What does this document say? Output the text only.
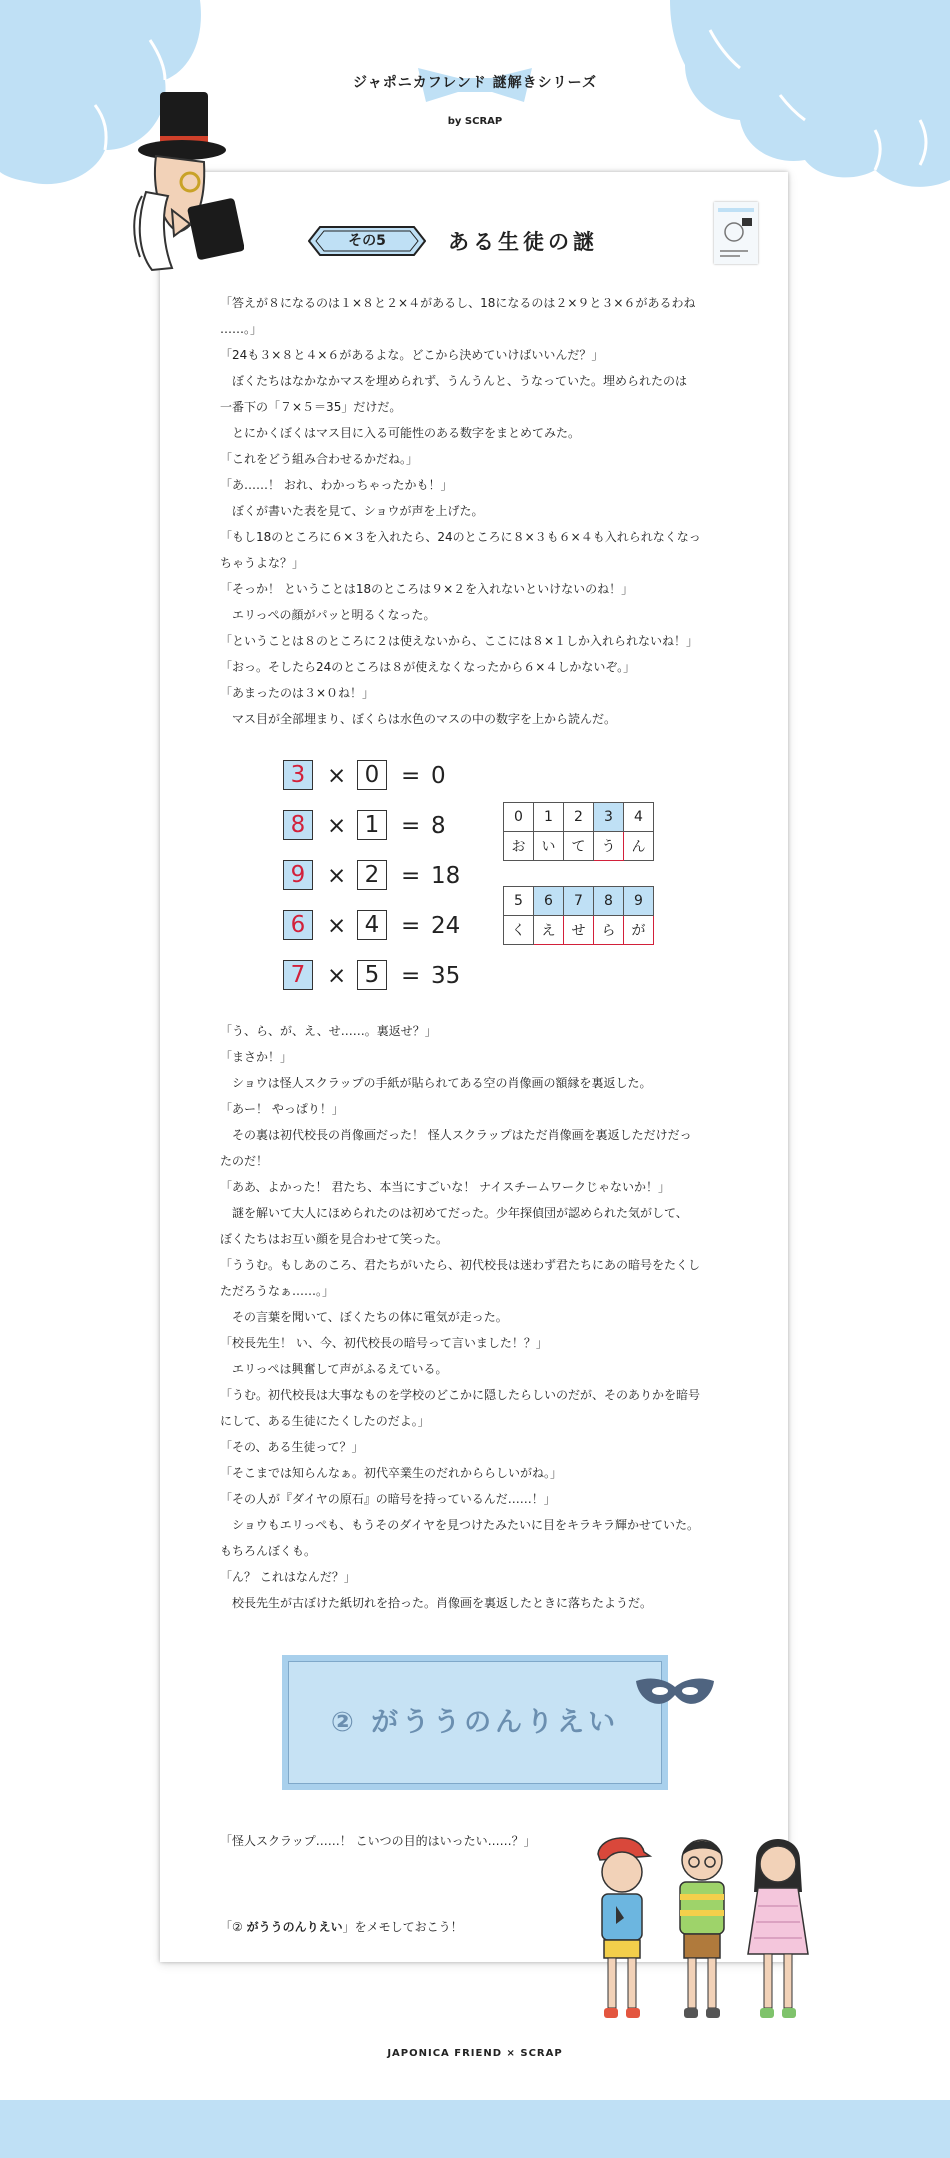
ジャポニカフレンド 謎解きシリーズ
by SCRAP
その5	ある生徒の謎
「答えが８になるのは１×８と２×４があるし、18になるのは２×９と３×６があるわね
……。」
「24も３×８と４×６があるよな。どこから決めていけばいいんだ？」
ぼくたちはなかなかマスを埋められず、うんうんと、うなっていた。埋められたのは
一番下の「７×５＝35」だけだ。
とにかくぼくはマス目に入る可能性のある数字をまとめてみた。
「これをどう組み合わせるかだね。」
「あ……！ おれ、わかっちゃったかも！」
ぼくが書いた表を見て、ショウが声を上げた。
「もし18のところに６×３を入れたら、24のところに８×３も６×４も入れられなくなっ
ちゃうよな？」
「そっか！ ということは18のところは９×２を入れないといけないのね！」
エリっぺの顔がパッと明るくなった。
「ということは８のところに２は使えないから、ここには８×１しか入れられないね！」
「おっ。そしたら24のところは８が使えなくなったから６×４しかないぞ。」
「あまったのは３×０ね！」
マス目が全部埋まり、ぼくらは水色のマスの中の数字を上から読んだ。
3 × 0 = 0
8 × 1 = 8
9 × 2 = 18
6 × 4 = 24
7 × 5 = 35
0	1	2	3	4
お	い	て	う	ん
5	6	7	8	9
く	え	せ	ら	が
「う、ら、が、え、せ……。裏返せ？」
「まさか！」
ショウは怪人スクラップの手紙が貼られてある空の肖像画の額縁を裏返した。
「あー！ やっぱり！」
その裏は初代校長の肖像画だった！ 怪人スクラップはただ肖像画を裏返しただけだっ
たのだ！
「ああ、よかった！ 君たち、本当にすごいな！ ナイスチームワークじゃないか！」
謎を解いて大人にほめられたのは初めてだった。少年探偵団が認められた気がして、
ぼくたちはお互い顔を見合わせて笑った。
「ううむ。もしあのころ、君たちがいたら、初代校長は迷わず君たちにあの暗号をたくし
ただろうなぁ……。」
その言葉を聞いて、ぼくたちの体に電気が走った。
「校長先生！ い、今、初代校長の暗号って言いました！？」
エリっぺは興奮して声がふるえている。
「うむ。初代校長は大事なものを学校のどこかに隠したらしいのだが、そのありかを暗号
にして、ある生徒にたくしたのだよ。」
「その、ある生徒って？」
「そこまでは知らんなぁ。初代卒業生のだれかららしいがね。」
「その人が『ダイヤの原石』の暗号を持っているんだ……！」
ショウもエリっぺも、もうそのダイヤを見つけたみたいに目をキラキラ輝かせていた。
もちろんぼくも。
「ん？ これはなんだ？」
校長先生が古ぼけた紙切れを拾った。肖像画を裏返したときに落ちたようだ。
② がううのんりえい
「怪人スクラップ……！ こいつの目的はいったい……？」
「② がううのんりえい」をメモしておこう！
JAPONICA FRIEND × SCRAP
